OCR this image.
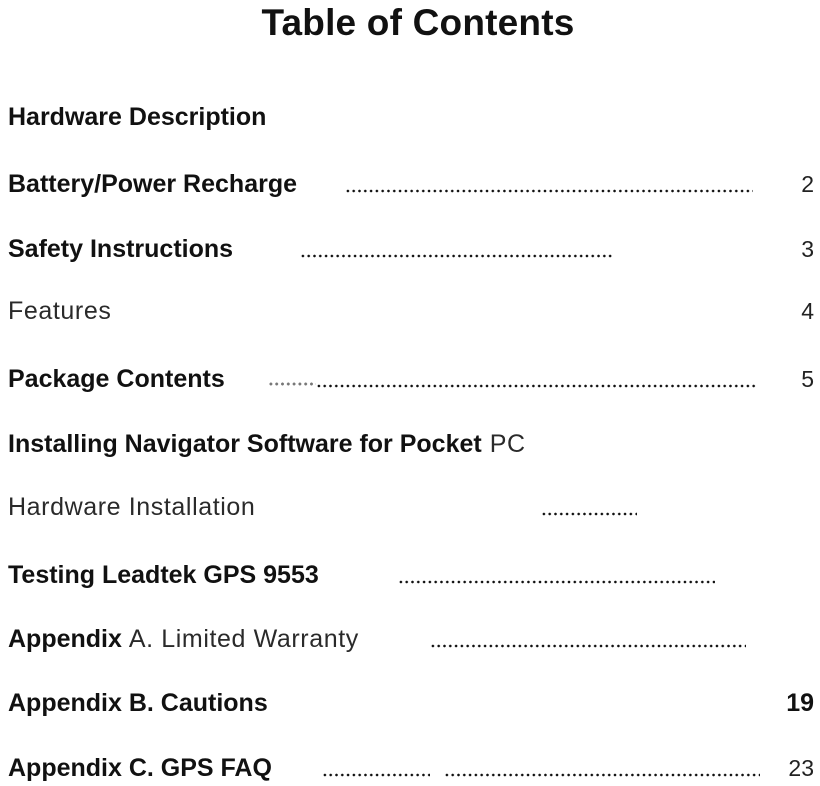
Table of Contents
Hardware Description
Battery/Power Recharge	2
Safety Instructions	3
Features	4
Package Contents	5
Installing Navigator Software for Pocket PC
Hardware Installation
Testing Leadtek GPS 9553
Appendix A. Limited Warranty
Appendix B. Cautions	19
Appendix C. GPS FAQ	23
